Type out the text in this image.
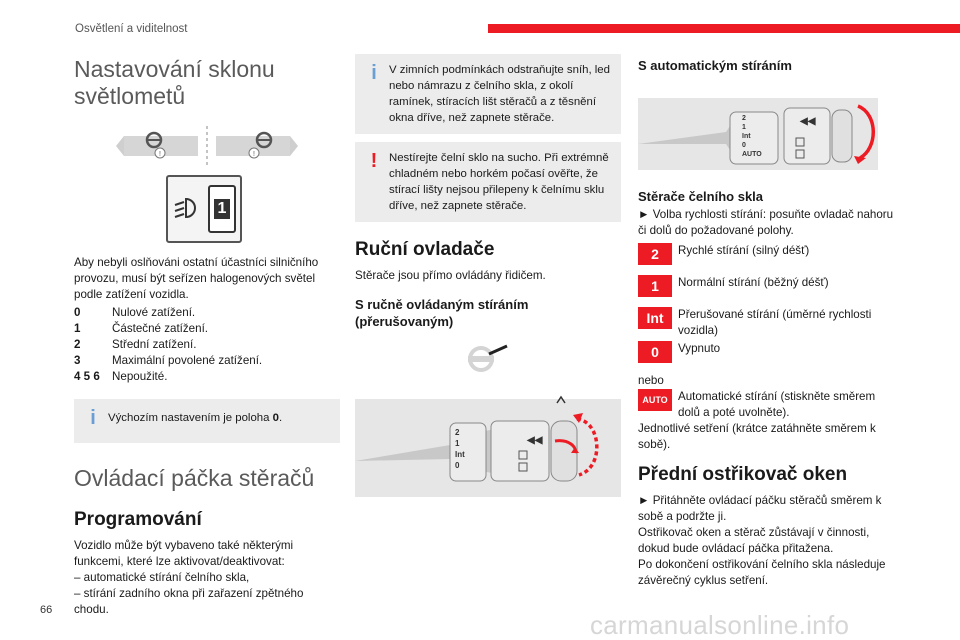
Osvětlení a viditelnost
Nastavování sklonu světlometů
!	!
1

Aby nebyli oslňováni ostatní účastníci silničního provozu, musí být seřízen halogenových světel podle zatížení vozidla.

0	Nulové zatížení.
1	Částečné zatížení.
2	Střední zatížení.
3	Maximální povolené zatížení.
4 5 6	Nepoužité.
i	Výchozím nastavením je poloha 0.
Ovládací páčka stěračů
Programování

Vozidlo může být vybaveno také některými funkcemi, které lze aktivovat/deaktivovat:

– automatické stírání čelního skla,

– stírání zadního okna při zařazení zpětného chodu.

i	V zimních podmínkách odstraňujte sníh, led nebo námrazu z čelního skla, z okolí ramínek, stíracích lišt stěračů a z těsnění okna dříve, než zapnete stěrače.
!	Nestírejte čelní sklo na sucho. Při extrémně chladném nebo horkém počasí ověřte, že stírací lišty nejsou přilepeny k čelnímu sklu dříve, než zapnete stěrače.
Ruční ovladače

Stěrače jsou přímo ovládány řidičem.

S ručně ovládaným stíráním (přerušovaným)
◀◀
2
1
Int
0
S automatickým stíráním
◀◀
2
1
Int
0
AUTO
Stěrače čelního skla

► Volba rychlosti stírání: posuňte ovladač nahoru či dolů do požadované polohy.

2	Rychlé stírání (silný déšť)
1	Normální stírání (běžný déšť)
Int	Přerušované stírání (úměrné rychlosti vozidla)
0	Vypnuto

nebo

AUTO Automatické stírání (stiskněte směrem dolů a poté uvolněte).

Jednotlivé setření (krátce zatáhněte směrem k sobě).

Přední ostřikovač oken

► Přitáhněte ovládací páčku stěračů směrem k sobě a podržte ji.

Ostřikovač oken a stěrač zůstávají v činnosti, dokud bude ovládací páčka přitažena.

Po dokončení ostřikování čelního skla následuje závěrečný cyklus setření.

66	carmanualsonline.info
